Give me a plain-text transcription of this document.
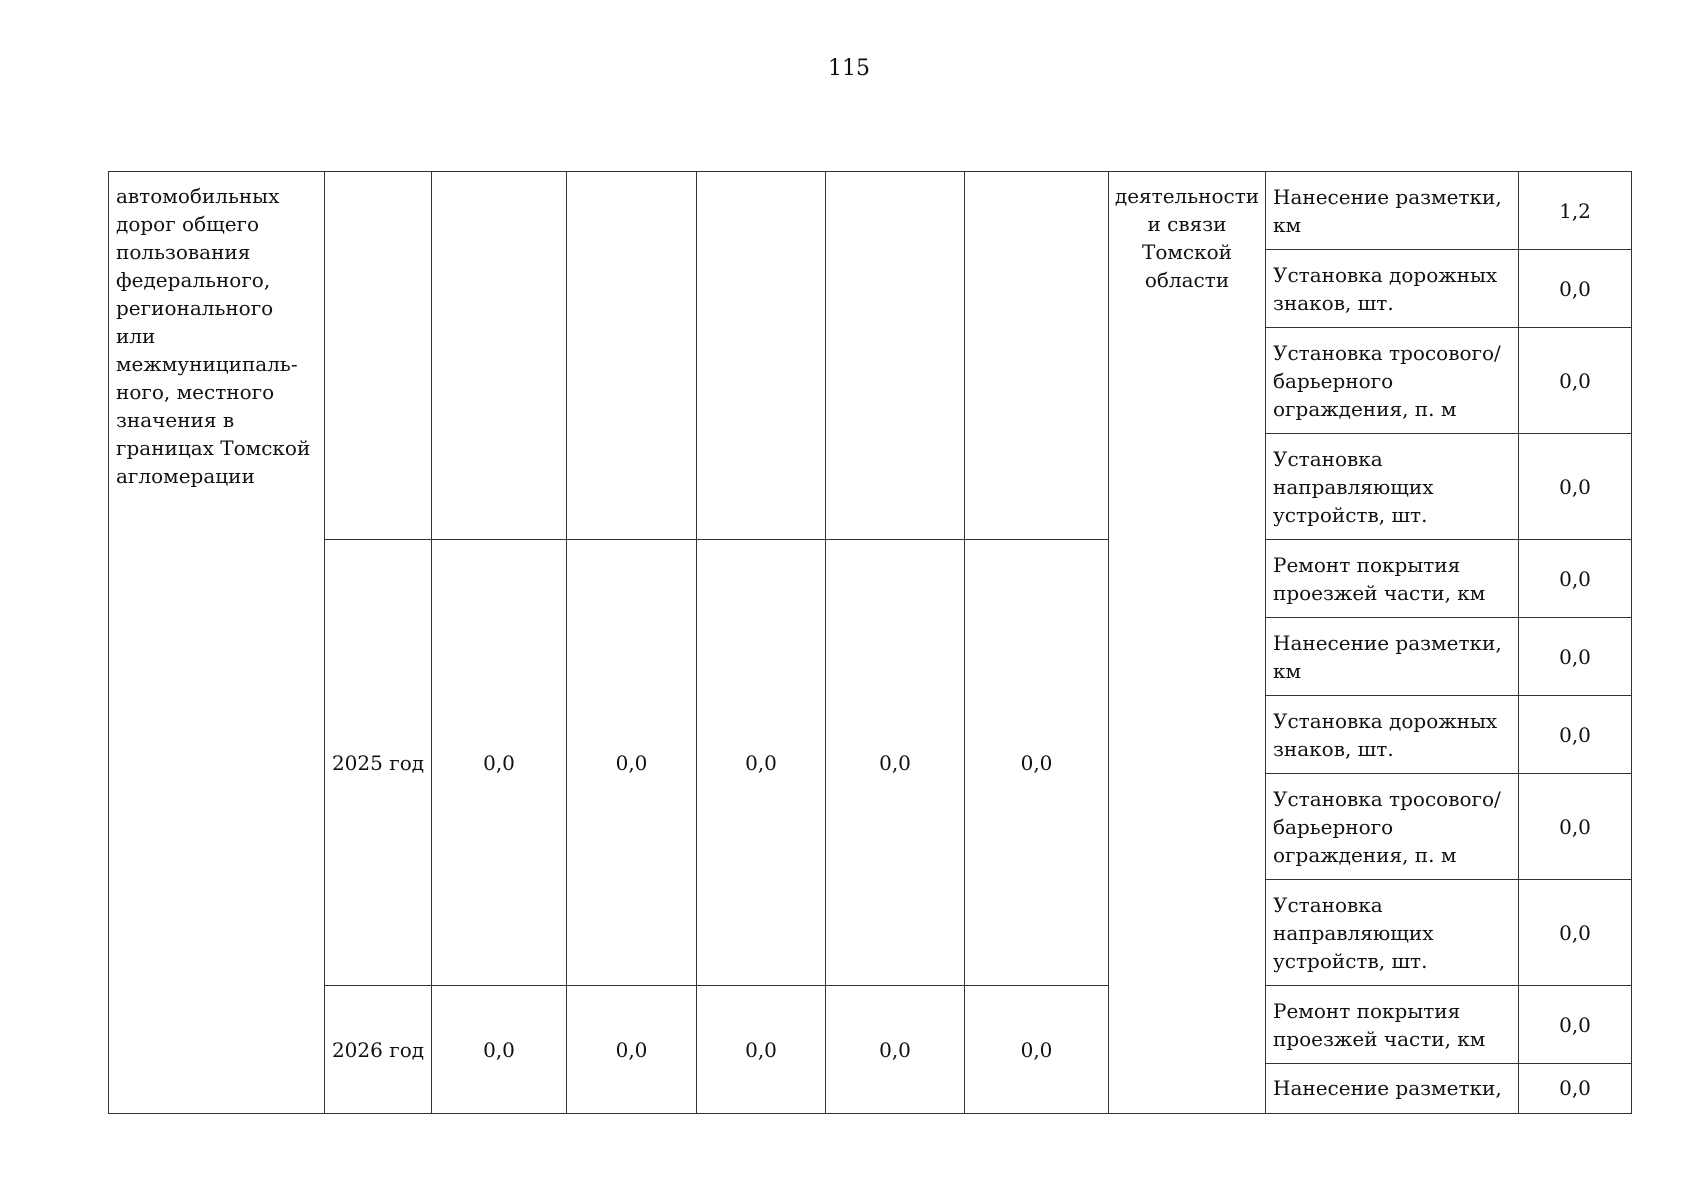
115
автомобильных дорог общего пользования федерального, регионального или межмуниципаль-ного, местного значения в границах Томской агломерации							деятельности и связи Томской области	Нанесение разметки, км	1,2
								Установка дорожных знаков, шт.	0,0
								Установка тросового/барьерного ограждения, п. м	0,0
								Установка направляющих устройств, шт.	0,0
	2025 год	0,0	0,0	0,0	0,0	0,0		Ремонт покрытия проезжей части, км	0,0
								Нанесение разметки, км	0,0
								Установка дорожных знаков, шт.	0,0
								Установка тросового/барьерного ограждения, п. м	0,0
								Установка направляющих устройств, шт.	0,0
	2026 год	0,0	0,0	0,0	0,0	0,0		Ремонт покрытия проезжей части, км	0,0
								Нанесение разметки,	0,0
